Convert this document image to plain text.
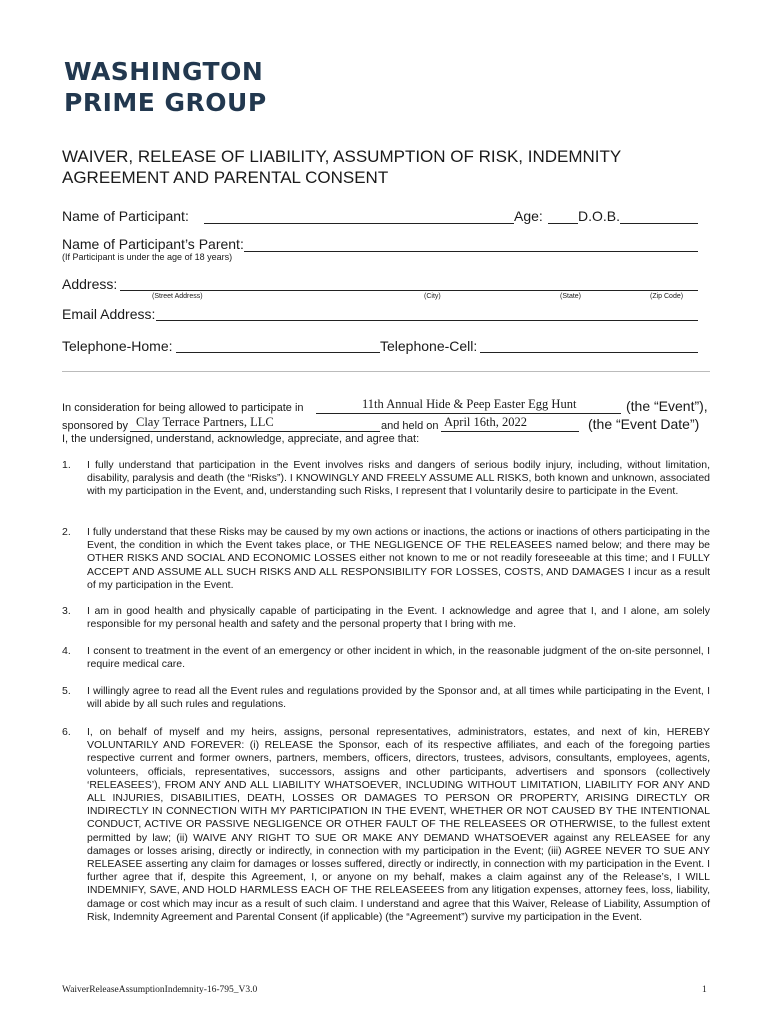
WASHINGTON
PRIME GROUP
WAIVER, RELEASE OF LIABILITY, ASSUMPTION OF RISK, INDEMNITY AGREEMENT AND PARENTAL CONSENT
Name of Participant:	Age:	D.O.B.
Name of Participant’s Parent:
(If Participant is under the age of 18 years)
Address:
(Street Address)	(City)	(State)	(Zip Code)
Email Address:
Telephone-Home:	Telephone-Cell:
In consideration for being allowed to participate in	11th Annual Hide & Peep Easter Egg Hunt	(the “Event”),
sponsored by Clay Terrace Partners, LLC	and held on April 16th, 2022	(the “Event Date”)
I, the undersigned, understand, acknowledge, appreciate, and agree that:
1.	I fully understand that participation in the Event involves risks and dangers of serious bodily injury, including, without limitation, disability, paralysis and death (the “Risks”). I KNOWINGLY AND FREELY ASSUME ALL RISKS, both known and unknown, associated with my participation in the Event, and, understanding such Risks, I represent that I voluntarily desire to participate in the Event.
2.	I fully understand that these Risks may be caused by my own actions or inactions, the actions or inactions of others participating in the Event, the condition in which the Event takes place, or THE NEGLIGENCE OF THE RELEASEES named below; and there may be OTHER RISKS AND SOCIAL AND ECONOMIC LOSSES either not known to me or not readily foreseeable at this time; and I FULLY ACCEPT AND ASSUME ALL SUCH RISKS AND ALL RESPONSIBILITY FOR LOSSES, COSTS, AND DAMAGES I incur as a result of my participation in the Event.
3.	I am in good health and physically capable of participating in the Event. I acknowledge and agree that I, and I alone, am solely responsible for my personal health and safety and the personal property that I bring with me.
4.	I consent to treatment in the event of an emergency or other incident in which, in the reasonable judgment of the on-site personnel, I require medical care.
5.	I willingly agree to read all the Event rules and regulations provided by the Sponsor and, at all times while participating in the Event, I will abide by all such rules and regulations.
6.	I, on behalf of myself and my heirs, assigns, personal representatives, administrators, estates, and next of kin, HEREBY VOLUNTARILY AND FOREVER: (i) RELEASE the Sponsor, each of its respective affiliates, and each of the foregoing parties respective current and former owners, partners, members, officers, directors, trustees, advisors, consultants, employees, agents, volunteers, officials, representatives, successors, assigns and other participants, advertisers and sponsors (collectively ‘RELEASEES’), FROM ANY AND ALL LIABILITY WHATSOEVER, INCLUDING WITHOUT LIMITATION, LIABILITY FOR ANY AND ALL INJURIES, DISABILITIES, DEATH, LOSSES OR DAMAGES TO PERSON OR PROPERTY, ARISING DIRECTLY OR INDIRECTLY IN CONNECTION WITH MY PARTICIPATION IN THE EVENT, WHETHER OR NOT CAUSED BY THE INTENTIONAL CONDUCT, ACTIVE OR PASSIVE NEGLIGENCE OR OTHER FAULT OF THE RELEASEES OR OTHERWISE, to the fullest extent permitted by law; (ii) WAIVE ANY RIGHT TO SUE OR MAKE ANY DEMAND WHATSOEVER against any RELEASEE for any damages or losses arising, directly or indirectly, in connection with my participation in the Event; (iii) AGREE NEVER TO SUE ANY RELEASEE asserting any claim for damages or losses suffered, directly or indirectly, in connection with my participation in the Event. I further agree that if, despite this Agreement, I, or anyone on my behalf, makes a claim against any of the Release’s, I WILL INDEMNIFY, SAVE, AND HOLD HARMLESS EACH OF THE RELEASEEES from any litigation expenses, attorney fees, loss, liability, damage or cost which may incur as a result of such claim. I understand and agree that this Waiver, Release of Liability, Assumption of Risk, Indemnity Agreement and Parental Consent (if applicable) (the “Agreement”) survive my participation in the Event.
WaiverReleaseAssumptionIndemnity-16-795_V3.0	1
